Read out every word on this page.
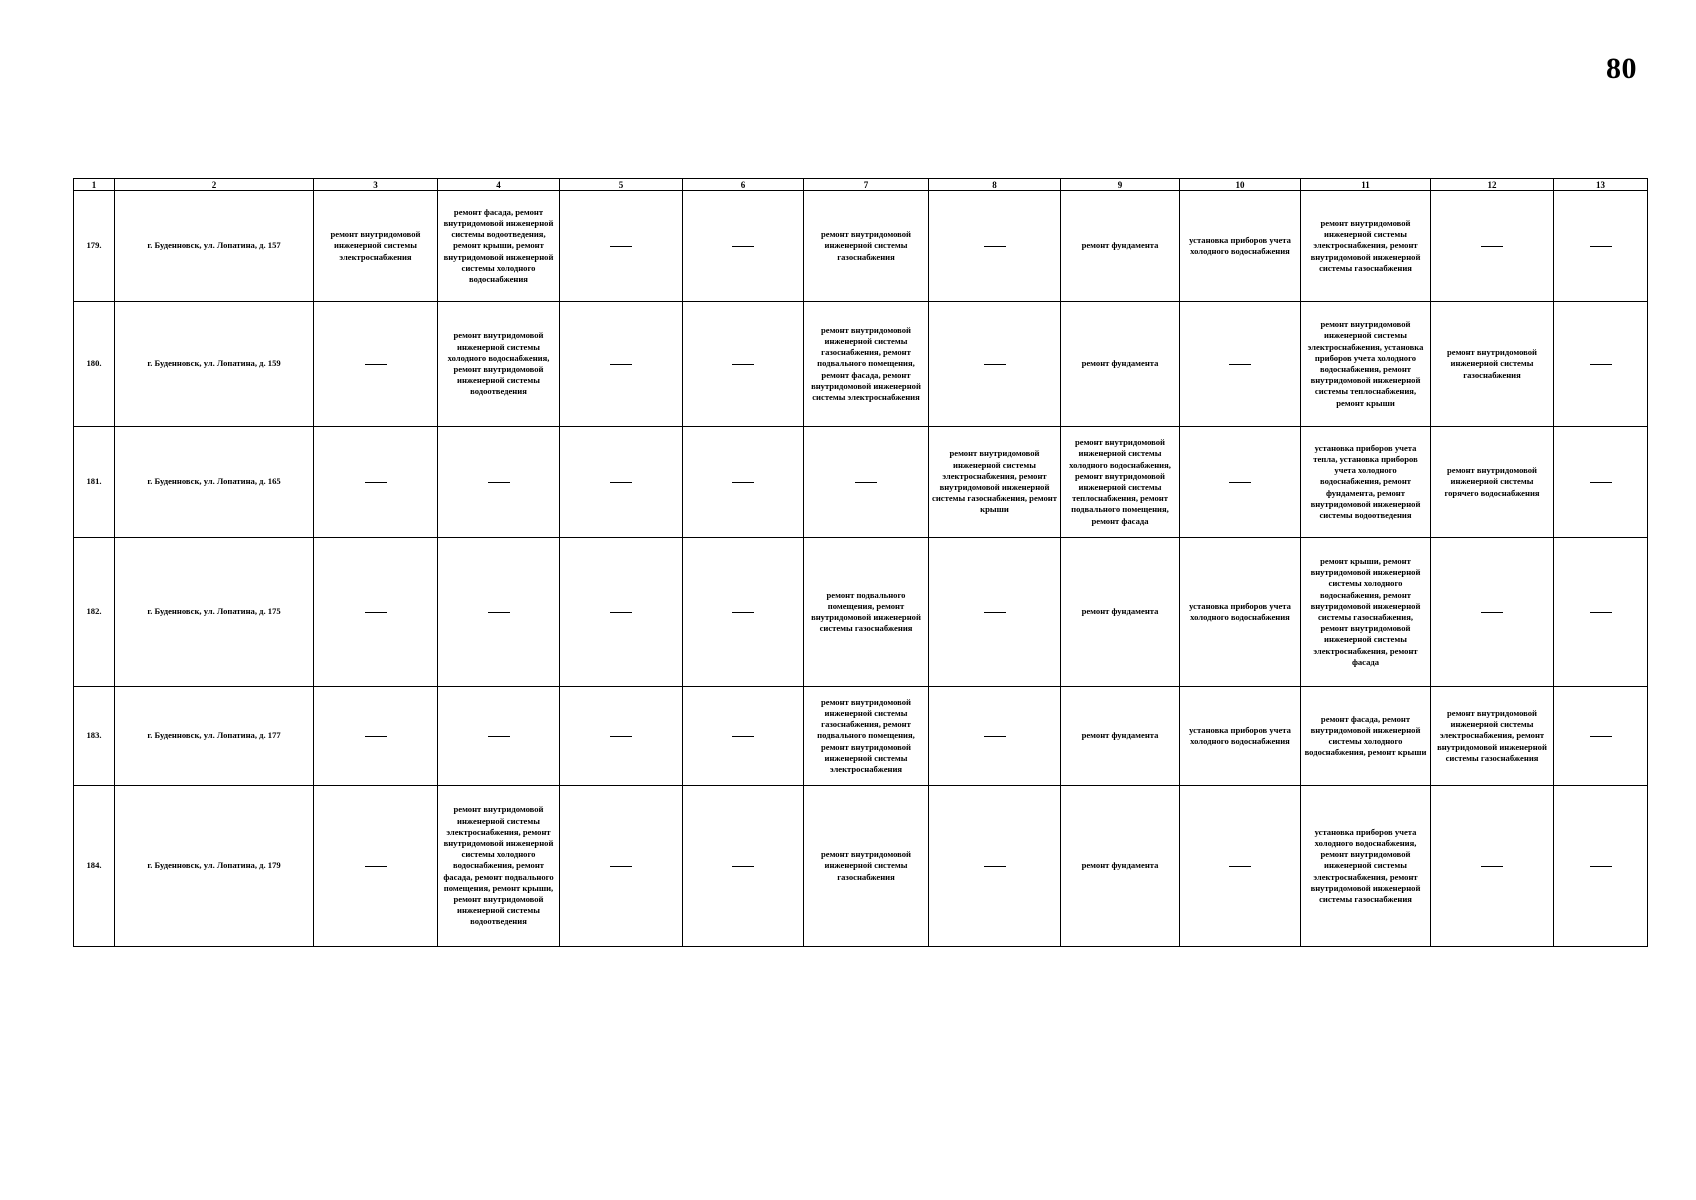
80
1	2	3	4	5	6	7	8	9	10	11	12	13
179.	г. Буденновск, ул. Лопатина, д. 157	ремонт внутридомовой инженерной системы электроснабжения	ремонт фасада, ремонт внутридомовой инженерной системы водоотведения, ремонт крыши, ремонт внутридомовой инженерной системы холодного водоснабжения			ремонт внутридомовой инженерной системы газоснабжения		ремонт фундамента	установка приборов учета холодного водоснабжения	ремонт внутридомовой инженерной системы электроснабжения, ремонт внутридомовой инженерной системы газоснабжения		
180.	г. Буденновск, ул. Лопатина, д. 159		ремонт внутридомовой инженерной системы холодного водоснабжения, ремонт внутридомовой инженерной системы водоотведения			ремонт внутридомовой инженерной системы газоснабжения, ремонт подвального помещения, ремонт фасада, ремонт внутридомовой инженерной системы электроснабжения		ремонт фундамента		ремонт внутридомовой инженерной системы электроснабжения, установка приборов учета холодного водоснабжения, ремонт внутридомовой инженерной системы теплоснабжения, ремонт крыши	ремонт внутридомовой инженерной системы газоснабжения	
181.	г. Буденновск, ул. Лопатина, д. 165						ремонт внутридомовой инженерной системы электроснабжения, ремонт внутридомовой инженерной системы газоснабжения, ремонт крыши	ремонт внутридомовой инженерной системы холодного водоснабжения, ремонт внутридомовой инженерной системы теплоснабжения, ремонт подвального помещения, ремонт фасада		установка приборов учета тепла, установка приборов учета холодного водоснабжения, ремонт фундамента, ремонт внутридомовой инженерной системы водоотведения	ремонт внутридомовой инженерной системы горячего водоснабжения	
182.	г. Буденновск, ул. Лопатина, д. 175					ремонт подвального помещения, ремонт внутридомовой инженерной системы газоснабжения		ремонт фундамента	установка приборов учета холодного водоснабжения	ремонт крыши, ремонт внутридомовой инженерной системы холодного водоснабжения, ремонт внутридомовой инженерной системы газоснабжения, ремонт внутридомовой инженерной системы электроснабжения, ремонт фасада		
183.	г. Буденновск, ул. Лопатина, д. 177					ремонт внутридомовой инженерной системы газоснабжения, ремонт подвального помещения, ремонт внутридомовой инженерной системы электроснабжения		ремонт фундамента	установка приборов учета холодного водоснабжения	ремонт фасада, ремонт внутридомовой инженерной системы холодного водоснабжения, ремонт крыши	ремонт внутридомовой инженерной системы электроснабжения, ремонт внутридомовой инженерной системы газоснабжения	
184.	г. Буденновск, ул. Лопатина, д. 179		ремонт внутридомовой инженерной системы электроснабжения, ремонт внутридомовой инженерной системы холодного водоснабжения, ремонт фасада, ремонт подвального помещения, ремонт крыши, ремонт внутридомовой инженерной системы водоотведения			ремонт внутридомовой инженерной системы газоснабжения		ремонт фундамента		установка приборов учета холодного водоснабжения, ремонт внутридомовой инженерной системы электроснабжения, ремонт внутридомовой инженерной системы газоснабжения		
